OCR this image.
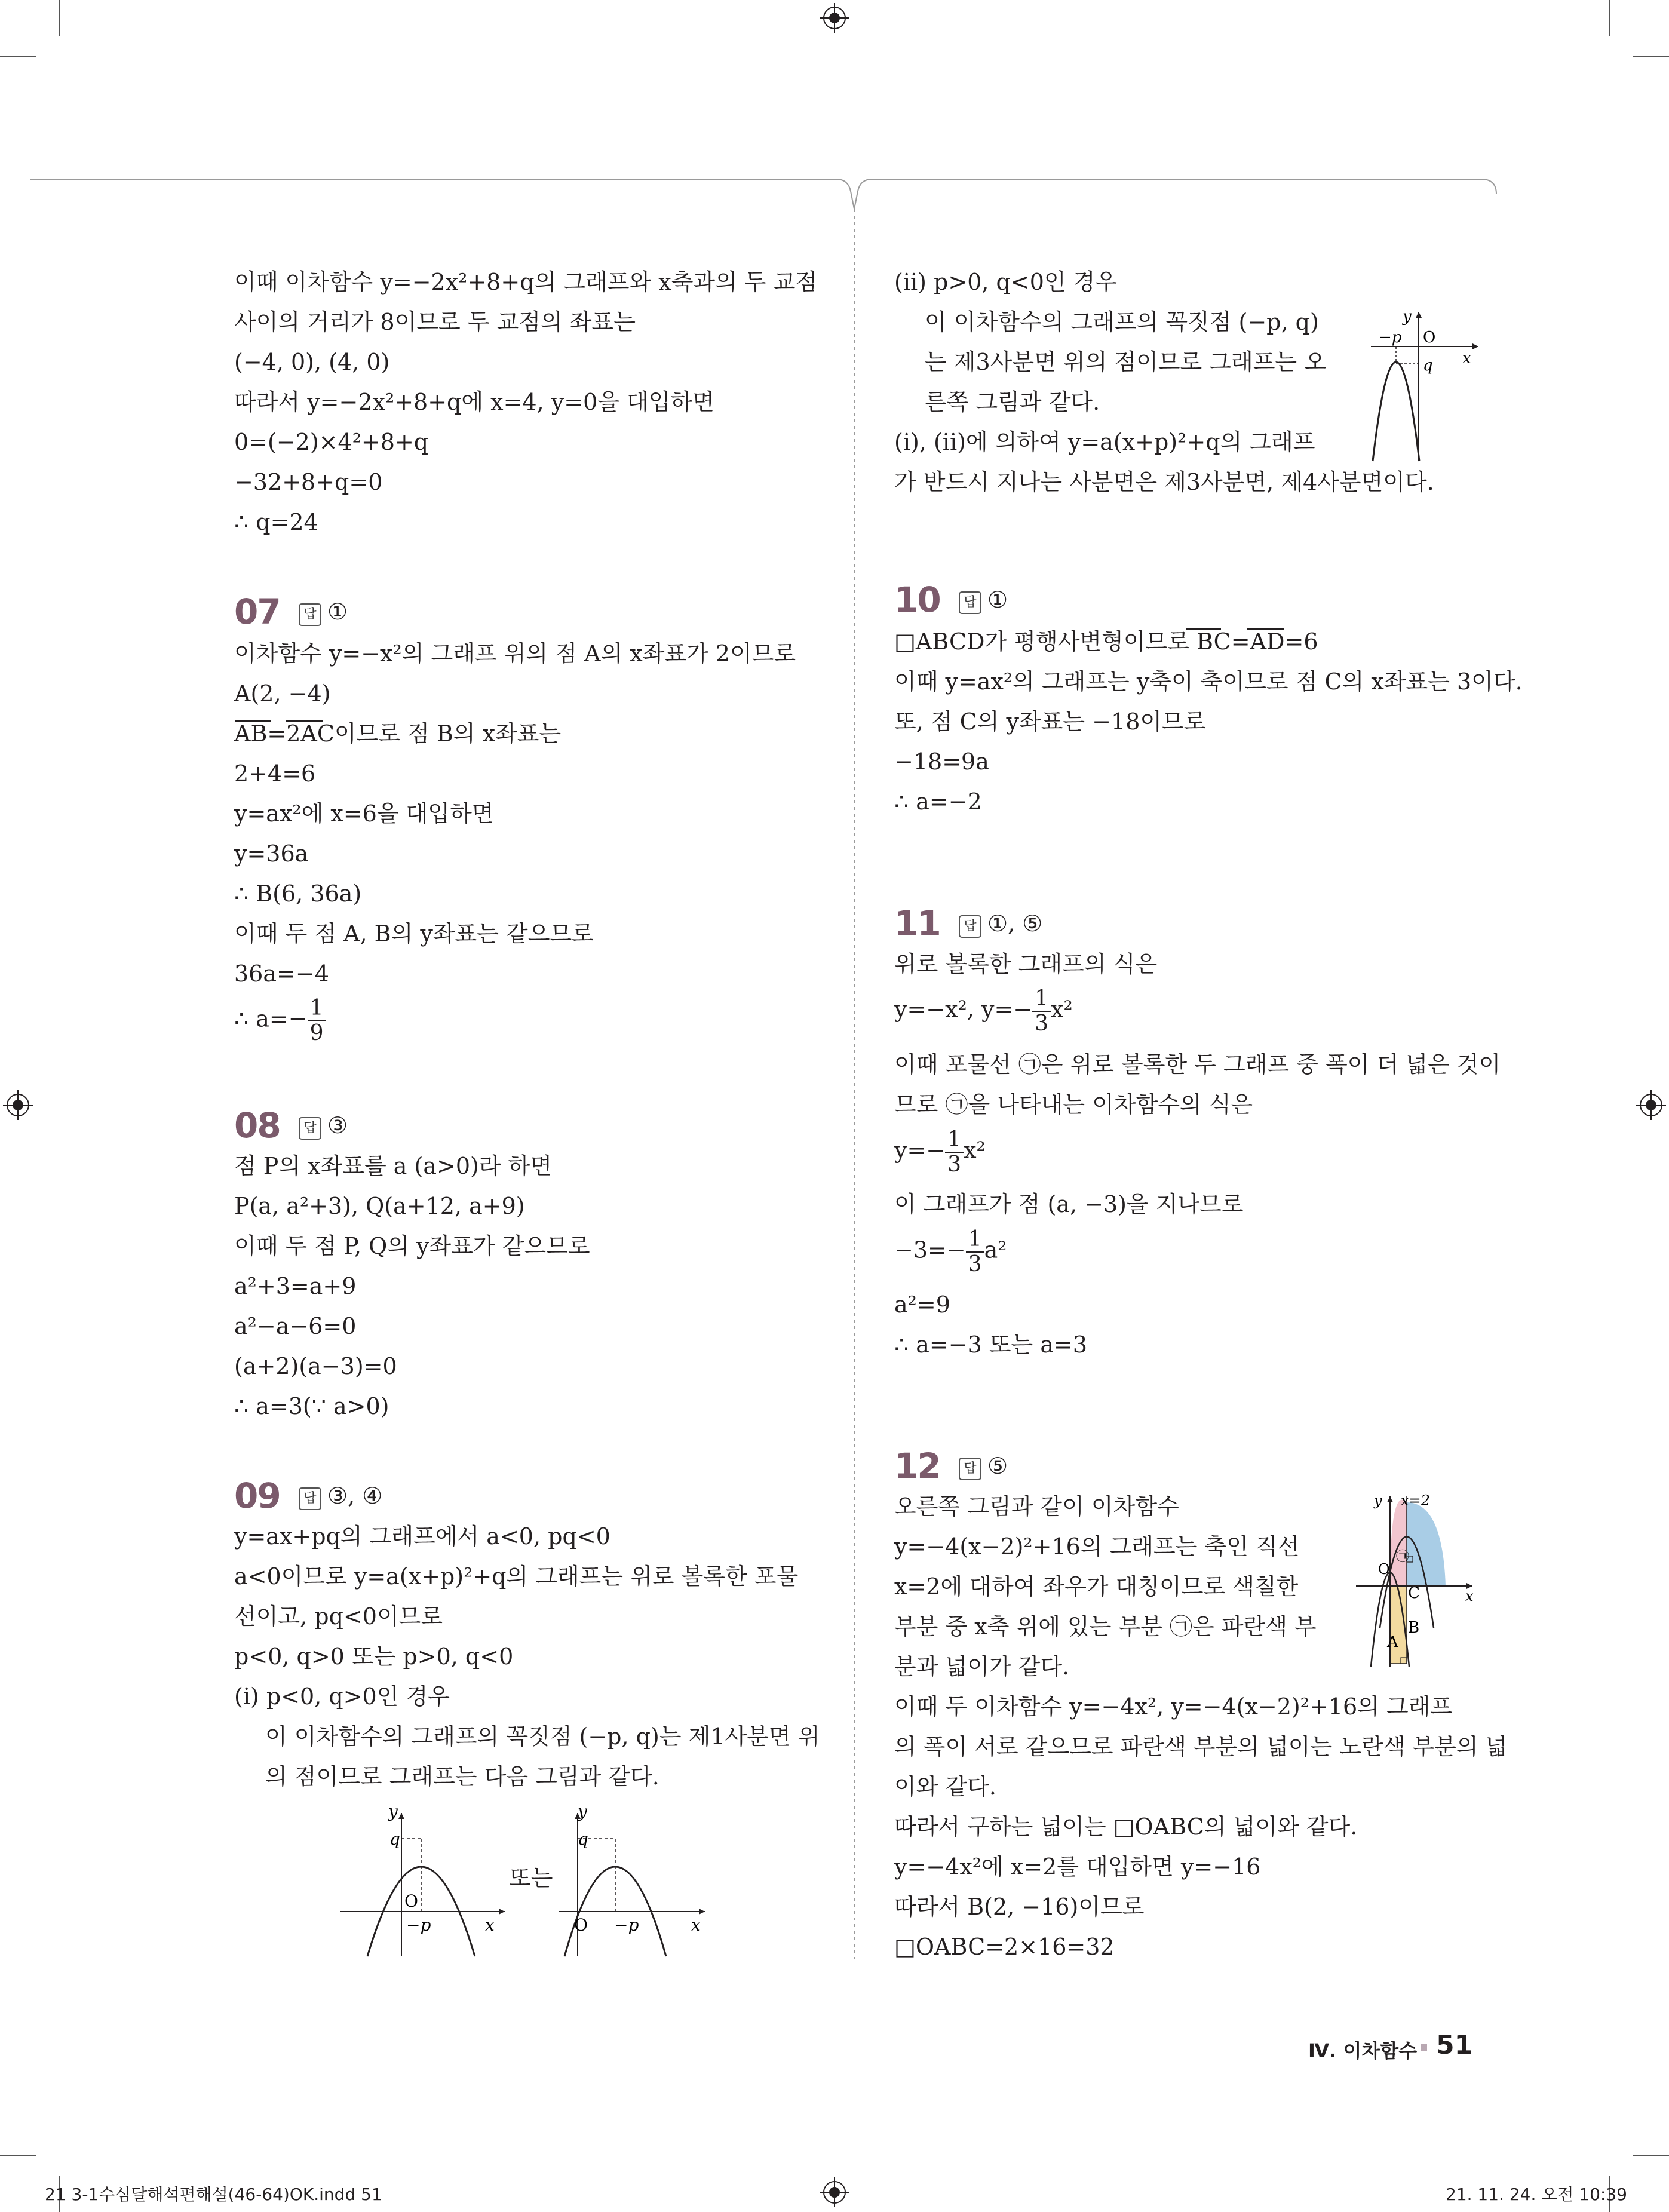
이때 이차함수 y=−2x²+8+q의 그래프와 x축과의 두 교점
사이의 거리가 8이므로 두 교점의 좌표는
(−4, 0), (4, 0)
따라서 y=−2x²+8+q에 x=4, y=0을 대입하면
0=(−2)×4²+8+q
−32+8+q=0
∴ q=24
07	답 ①
이차함수 y=−x²의 그래프 위의 점 A의 x좌표가 2이므로
A(2, −4)
AB=2AC이므로 점 B의 x좌표는
2+4=6
y=ax²에 x=6을 대입하면
y=36a
∴ B(6, 36a)
이때 두 점 A, B의 y좌표는 같으므로
36a=−4
∴ $a=- \frac{1}{9}$
08	답 ③
점 P의 x좌표를 a (a>0)라 하면
P(a, a²+3), Q(a+12, a+9)
이때 두 점 P, Q의 y좌표가 같으므로
a²+3=a+9
a²−a−6=0
(a+2)(a−3)=0
∴ a=3(∵ a>0)
09	답 ③, ④
y=ax+pq의 그래프에서 a<0, pq<0
a<0이므로 y=a(x+p)²+q의 그래프는 위로 볼록한 포물
선이고, pq<0이므로
p<0, q>0 또는 p>0, q<0
(i) p<0, q>0인 경우
이 이차함수의 그래프의 꼭짓점 (−p, q)는 제1사분면 위
의 점이므로 그래프는 다음 그림과 같다.
y
q
O
−p	x
또는
y
q
O −p	x
(ii) p>0, q<0인 경우
이 이차함수의 그래프의 꼭짓점 (−p, q)
는 제3사분면 위의 점이므로 그래프는 오
른쪽 그림과 같다.
(i), (ii)에 의하여 y=a(x+p)²+q의 그래프
가 반드시 지나는 사분면은 제3사분면, 제4사분면이다.
y
−p O
q x
10	답 ①
□ABCD가 평행사변형이므로 BC=AD=6
이때 y=ax²의 그래프는 y축이 축이므로 점 C의 x좌표는 3이다.
또, 점 C의 y좌표는 −18이므로
−18=9a
∴ a=−2
11	답 ①, ⑤
위로 볼록한 그래프의 식은
y=−x², $y=- \frac{1}{3} x^2$
이때 포물선 ㉠은 위로 볼록한 두 그래프 중 폭이 더 넓은 것이
므로 ㉠을 나타내는 이차함수의 식은
$y=- \frac{1}{3} x^2$
이 그래프가 점 (a, −3)을 지나므로
$-3=- \frac{1}{3} a^2$
a²=9
∴ a=−3 또는 a=3
12	답 ⑤
오른쪽 그림과 같이 이차함수
y=−4(x−2)²+16의 그래프는 축인 직선
x=2에 대하여 좌우가 대칭이므로 색칠한
부분 중 x축 위에 있는 부분 ㉠은 파란색 부
분과 넓이가 같다.
이때 두 이차함수 y=−4x², y=−4(x−2)²+16의 그래프
의 폭이 서로 같으므로 파란색 부분의 넓이는 노란색 부분의 넓
이와 같다.
따라서 구하는 넓이는 □OABC의 넓이와 같다.
y=−4x²에 x=2를 대입하면 y=−16
따라서 B(2, −16)이므로
□OABC=2×16=32
y x=2
O
㉠
C
B
A
x
Ⅳ. 이차함수 51
21 3-1수심달해석편해설(46-64)OK.indd 51	21. 11. 24. 오전 10:39
